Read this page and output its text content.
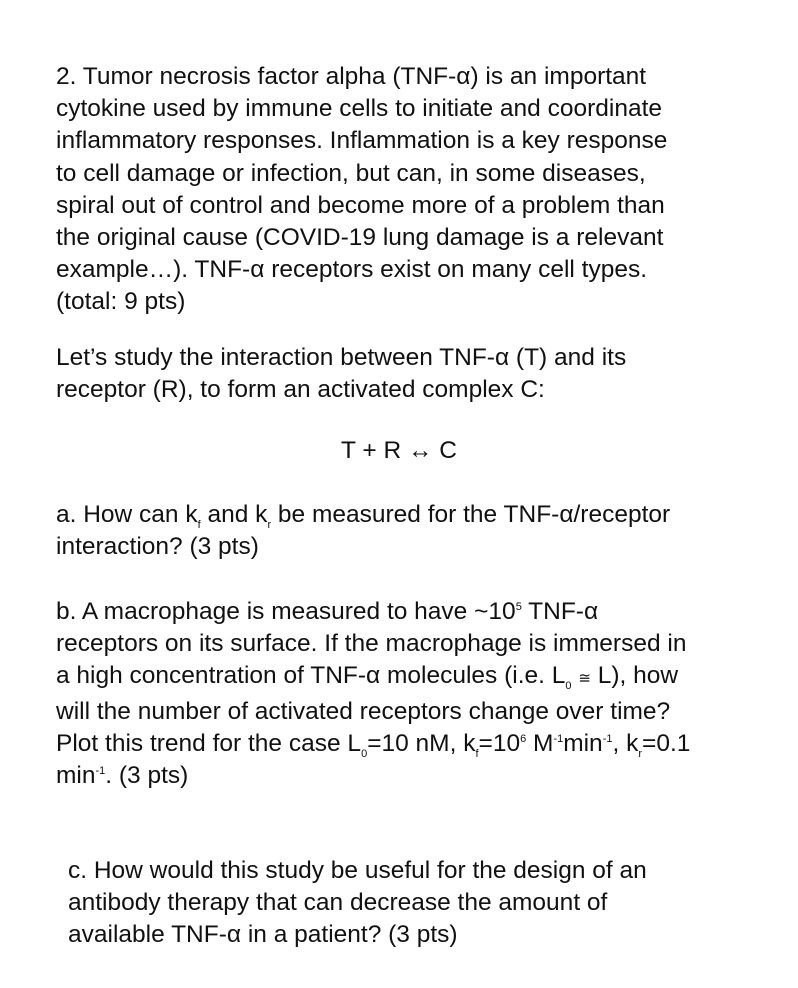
2. Tumor necrosis factor alpha (TNF-α) is an important
cytokine used by immune cells to initiate and coordinate
inflammatory responses. Inflammation is a key response
to cell damage or infection, but can, in some diseases,
spiral out of control and become more of a problem than
the original cause (COVID-19 lung damage is a relevant
example…). TNF-α receptors exist on many cell types.
(total: 9 pts)

Let’s study the interaction between TNF-α (T) and its
receptor (R), to form an activated complex C:

T + R ↔ C

a. How can $k_f$ and $k_r$ be measured for the TNF-α/receptor
interaction? (3 pts)

b. A macrophage is measured to have $\sim 10^5$ TNF-α
receptors on its surface. If the macrophage is immersed in
a high concentration of TNF-α molecules (i.e. $L_0$ ≅ L), how
will the number of activated receptors change over time?
Plot this trend for the case $L_0=10$ nM, $k_f=10^6$ $M^{-1}\min^{-1}$, $k_r=0.1$
$\min^{-1}$. (3 pts)

c. How would this study be useful for the design of an
antibody therapy that can decrease the amount of
available TNF-α in a patient? (3 pts)
